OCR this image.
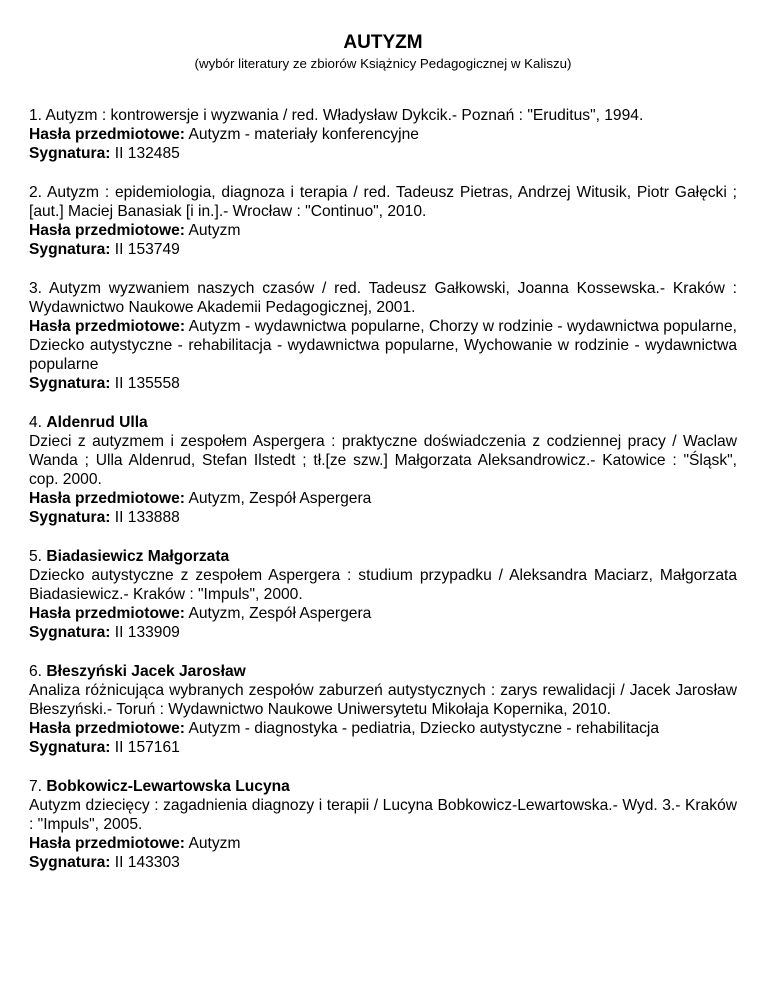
AUTYZM

(wybór literatury ze zbiorów Książnicy Pedagogicznej w Kaliszu)

1. Autyzm : kontrowersje i wyzwania / red. Władysław Dykcik.- Poznań : "Eruditus", 1994.

Hasła przedmiotowe: Autyzm - materiały konferencyjne

Sygnatura: II 132485

2. Autyzm : epidemiologia, diagnoza i terapia / red. Tadeusz Pietras, Andrzej Witusik, Piotr Gałęcki ; [aut.] Maciej Banasiak [i in.].- Wrocław : "Continuo", 2010.

Hasła przedmiotowe: Autyzm

Sygnatura: II 153749

3. Autyzm wyzwaniem naszych czasów / red. Tadeusz Gałkowski, Joanna Kossewska.- Kraków : Wydawnictwo Naukowe Akademii Pedagogicznej, 2001.

Hasła przedmiotowe: Autyzm - wydawnictwa popularne, Chorzy w rodzinie - wydawnictwa popularne, Dziecko autystyczne - rehabilitacja - wydawnictwa popularne, Wychowanie w rodzinie - wydawnictwa popularne

Sygnatura: II 135558

4. Aldenrud Ulla

Dzieci z autyzmem i zespołem Aspergera : praktyczne doświadczenia z codziennej pracy / Waclaw Wanda ; Ulla Aldenrud, Stefan Ilstedt ; tł.[ze szw.] Małgorzata Aleksandrowicz.- Katowice : "Śląsk", cop. 2000.

Hasła przedmiotowe: Autyzm, Zespół Aspergera

Sygnatura: II 133888

5. Biadasiewicz Małgorzata

Dziecko autystyczne z zespołem Aspergera : studium przypadku / Aleksandra Maciarz, Małgorzata Biadasiewicz.- Kraków : "Impuls", 2000.

Hasła przedmiotowe: Autyzm, Zespół Aspergera

Sygnatura: II 133909

6. Błeszyński Jacek Jarosław

Analiza różnicująca wybranych zespołów zaburzeń autystycznych : zarys rewalidacji / Jacek Jarosław Błeszyński.- Toruń : Wydawnictwo Naukowe Uniwersytetu Mikołaja Kopernika, 2010.

Hasła przedmiotowe: Autyzm - diagnostyka - pediatria, Dziecko autystyczne - rehabilitacja

Sygnatura: II 157161

7. Bobkowicz-Lewartowska Lucyna

Autyzm dziecięcy : zagadnienia diagnozy i terapii / Lucyna Bobkowicz-Lewartowska.- Wyd. 3.- Kraków : "Impuls", 2005.

Hasła przedmiotowe: Autyzm

Sygnatura: II 143303
